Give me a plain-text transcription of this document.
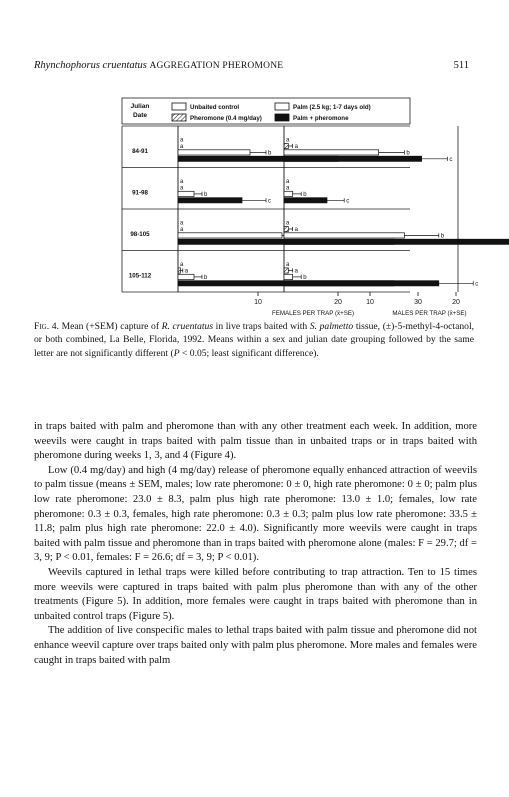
Rhynchophorus cruentatus AGGREGATION PHEROMONE	511
Julian
Date
Unbaited control
Pheromone (0.4 mg/day)
Palm (2.5 kg; 1-7 days old)
Palm + pheromone
84-91
91-98
98-105
105-112
a
a
b
a
a
b
c
a
a
a
a
b
10	20	30
FEMALES PER TRAP (x̄+SE)
a
a
b
c
a
a
b
c
a
a
b
a
a
b
c
10	20
MALES PER TRAP (x̄+SE)
Fig. 4. Mean (+SEM) capture of R. cruentatus in live traps baited with S. palmetto tissue, (±)-5-methyl-4-octanol, or both combined, La Belle, Florida, 1992. Means within a sex and julian date grouping followed by the same letter are not significantly different (P < 0.05; least significant difference).

in traps baited with palm and pheromone than with any other treatment each week. In addition, more weevils were caught in traps baited with palm tissue than in unbaited traps or in traps baited with pheromone during weeks 1, 3, and 4 (Figure 4).

Low (0.4 mg/day) and high (4 mg/day) release of pheromone equally enhanced attraction of weevils to palm tissue (means ± SEM, males; low rate pheromone: 0 ± 0, high rate pheromone: 0 ± 0; palm plus low rate pheromone: 23.0 ± 8.3, palm plus high rate pheromone: 13.0 ± 1.0; females, low rate pheromone: 0.3 ± 0.3, females, high rate pheromone: 0.3 ± 0.3; palm plus low rate pheromone: 33.5 ± 11.8; palm plus high rate pheromone: 22.0 ± 4.0). Significantly more weevils were caught in traps baited with palm tissue and pheromone than in traps baited with pheromone alone (males: F = 29.7; df = 3, 9; P < 0.01, females: F = 26.6; df = 3, 9; P < 0.01).

Weevils captured in lethal traps were killed before contributing to trap attraction. Ten to 15 times more weevils were captured in traps baited with palm plus pheromone than with any of the other treatments (Figure 5). In addition, more females were caught in traps baited with pheromone than in unbaited control traps (Figure 5).

The addition of live conspecific males to lethal traps baited with palm tissue and pheromone did not enhance weevil capture over traps baited only with palm plus pheromone. More males and females were caught in traps baited with palm
